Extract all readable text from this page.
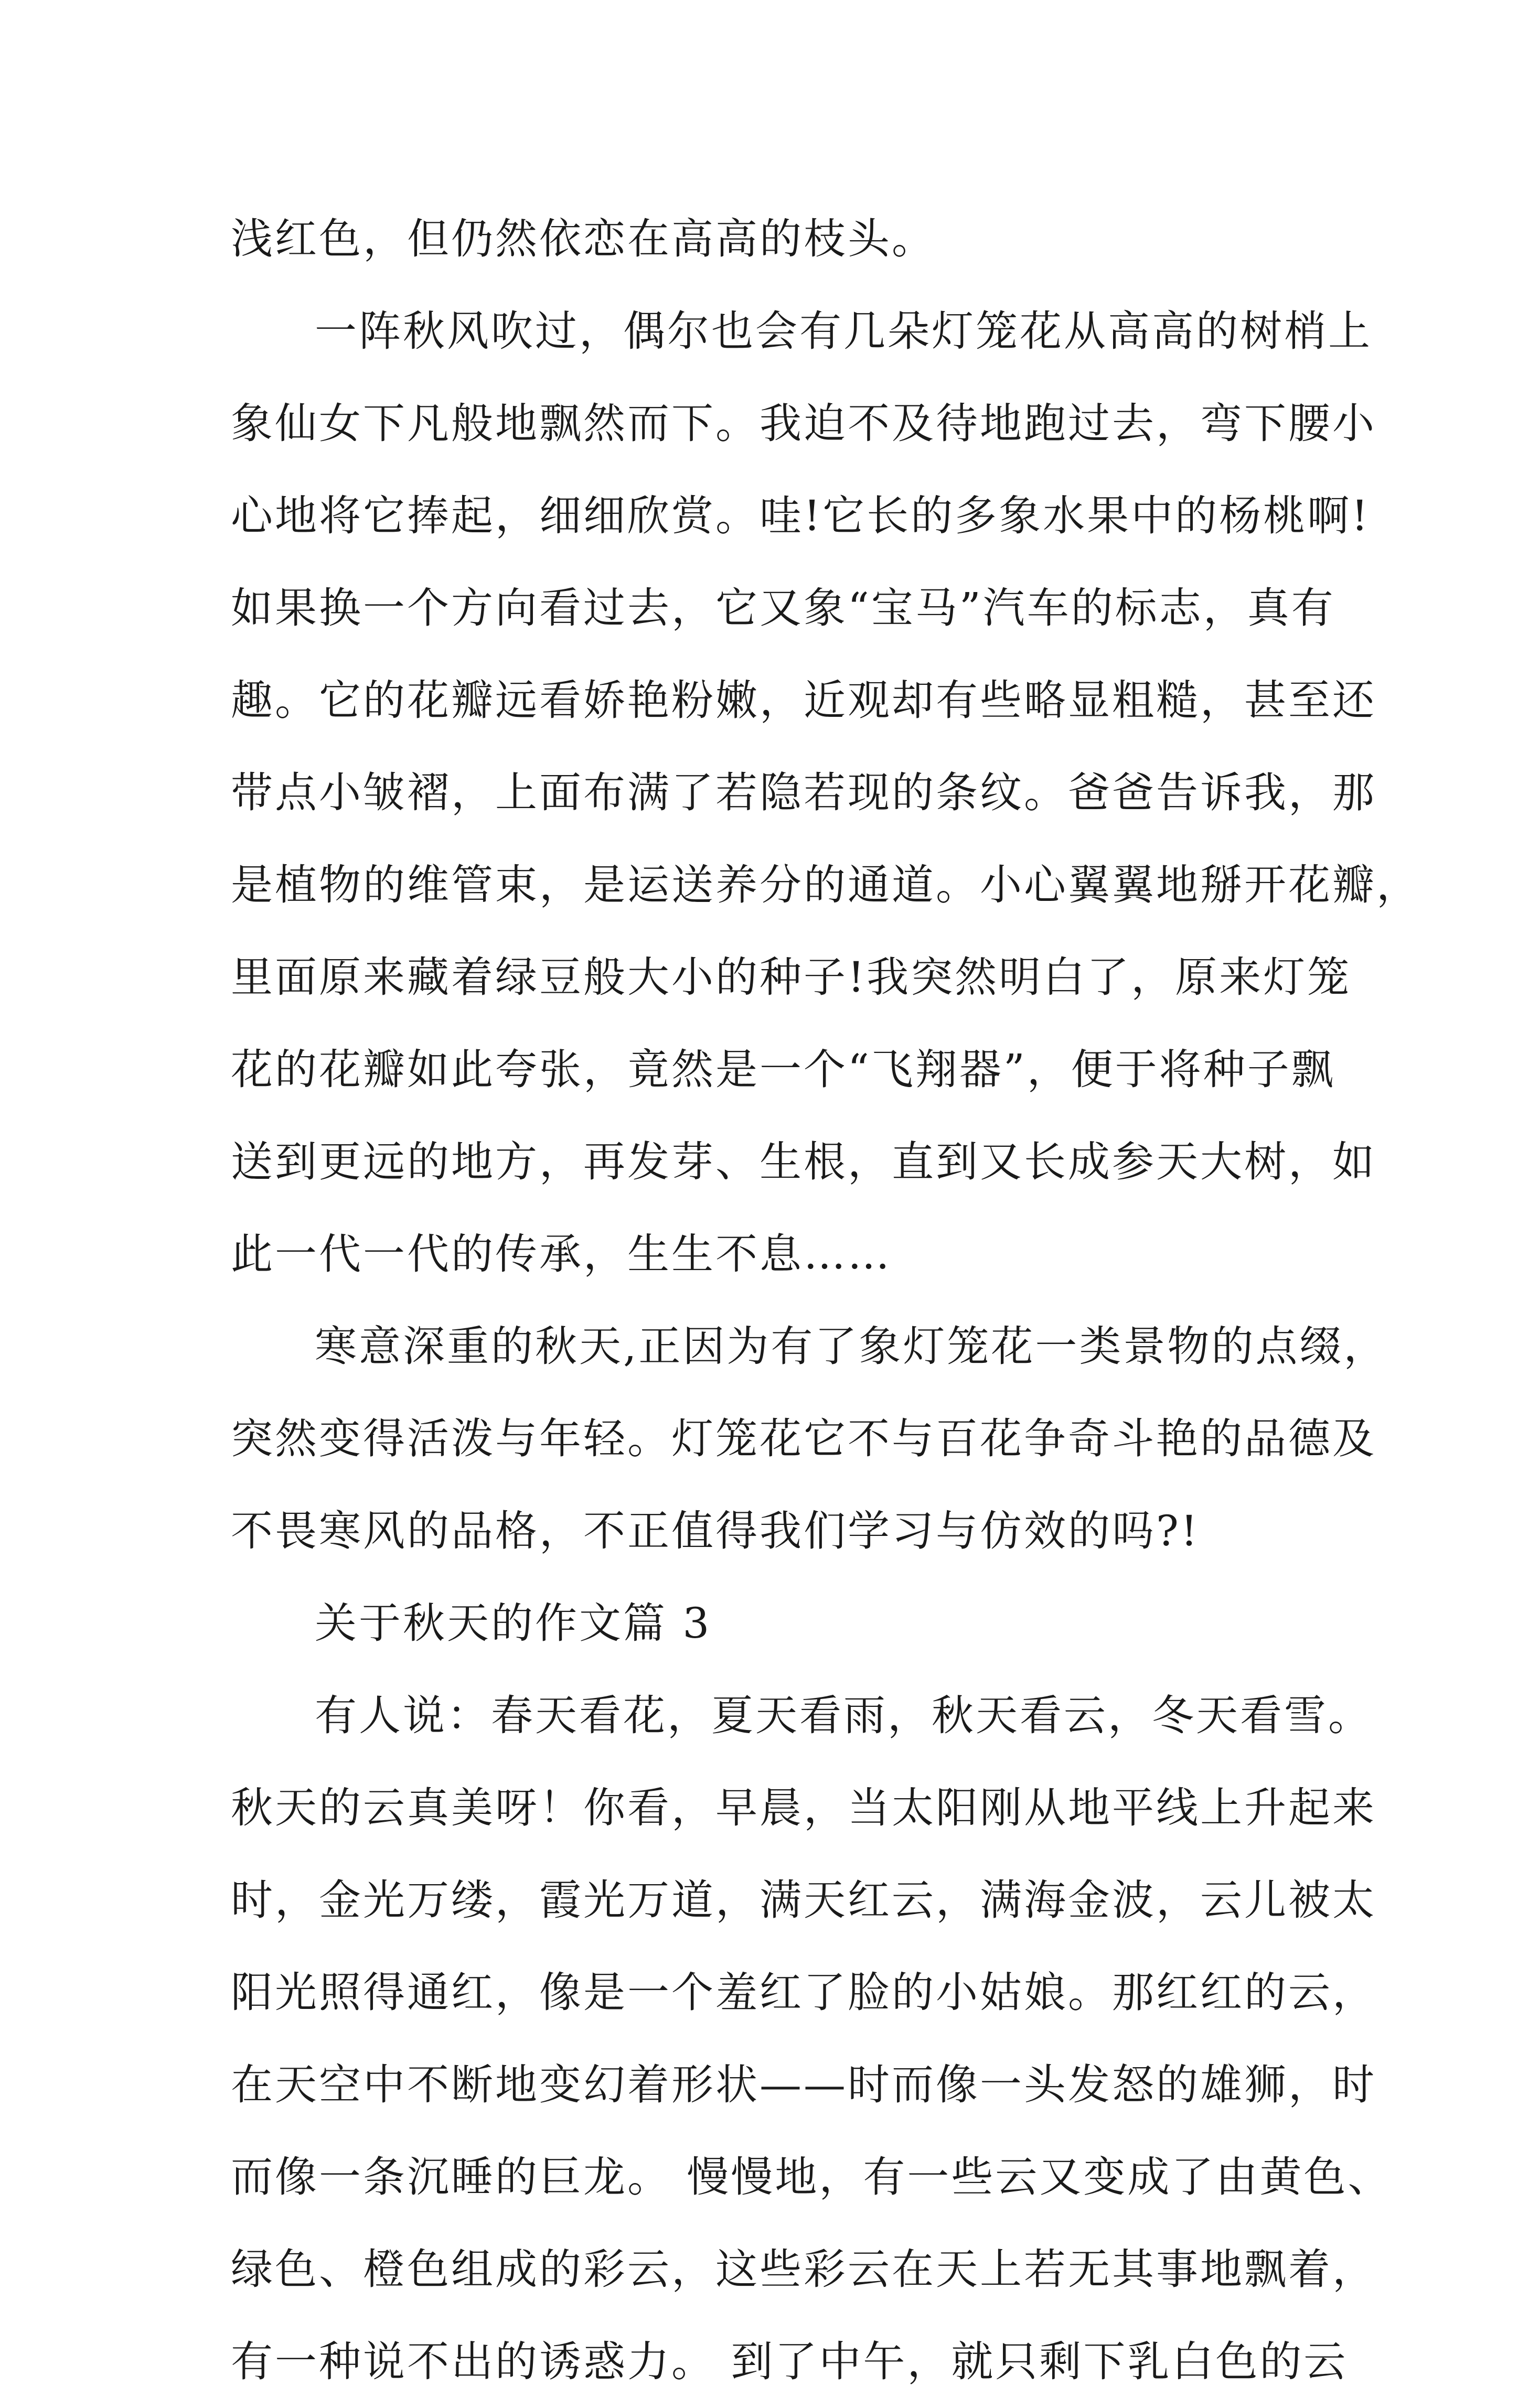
浅红色，但仍然依恋在高高的枝头。
一阵秋风吹过，偶尔也会有几朵灯笼花从高高的树梢上
象仙女下凡般地飘然而下。我迫不及待地跑过去，弯下腰小
心地将它捧起，细细欣赏。哇!它长的多象水果中的杨桃啊!
如果换一个方向看过去，它又象“宝马”汽车的标志，真有
趣。它的花瓣远看娇艳粉嫩，近观却有些略显粗糙，甚至还
带点小皱褶，上面布满了若隐若现的条纹。爸爸告诉我，那
是植物的维管束，是运送养分的通道。小心翼翼地掰开花瓣，
里面原来藏着绿豆般大小的种子!我突然明白了，原来灯笼
花的花瓣如此夸张，竟然是一个“飞翔器”，便于将种子飘
送到更远的地方，再发芽、生根，直到又长成参天大树，如
此一代一代的传承，生生不息……
寒意深重的秋天,正因为有了象灯笼花一类景物的点缀，
突然变得活泼与年轻。灯笼花它不与百花争奇斗艳的品德及
不畏寒风的品格，不正值得我们学习与仿效的吗?!
关于秋天的作文篇 3
有人说：春天看花，夏天看雨，秋天看云，冬天看雪。
秋天的云真美呀！你看，早晨，当太阳刚从地平线上升起来
时，金光万缕，霞光万道，满天红云，满海金波，云儿被太
阳光照得通红，像是一个羞红了脸的小姑娘。那红红的云，
在天空中不断地变幻着形状——时而像一头发怒的雄狮，时
而像一条沉睡的巨龙。 慢慢地，有一些云又变成了由黄色、
绿色、橙色组成的彩云，这些彩云在天上若无其事地飘着，
有一种说不出的诱惑力。 到了中午，就只剩下乳白色的云
